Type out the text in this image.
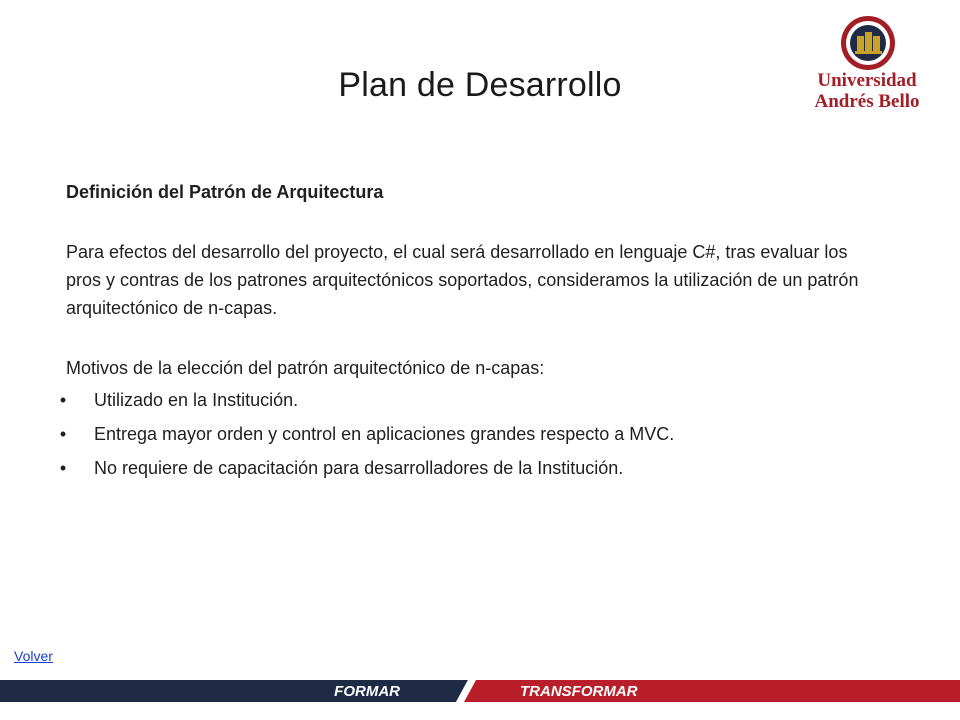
Universidad
Andrés Bello
Plan de Desarrollo
Definición del Patrón de Arquitectura
Para efectos del desarrollo del proyecto, el cual será desarrollado en lenguaje C#, tras evaluar los pros y contras de los patrones arquitectónicos soportados, consideramos la utilización de un patrón arquitectónico de n-capas.
Motivos de la elección del patrón arquitectónico de n-capas:
• Utilizado en la Institución.
• Entrega mayor orden y control en aplicaciones grandes respecto a MVC.
• No requiere de capacitación para desarrolladores de la Institución.
Volver
FORMAR	TRANSFORMAR
